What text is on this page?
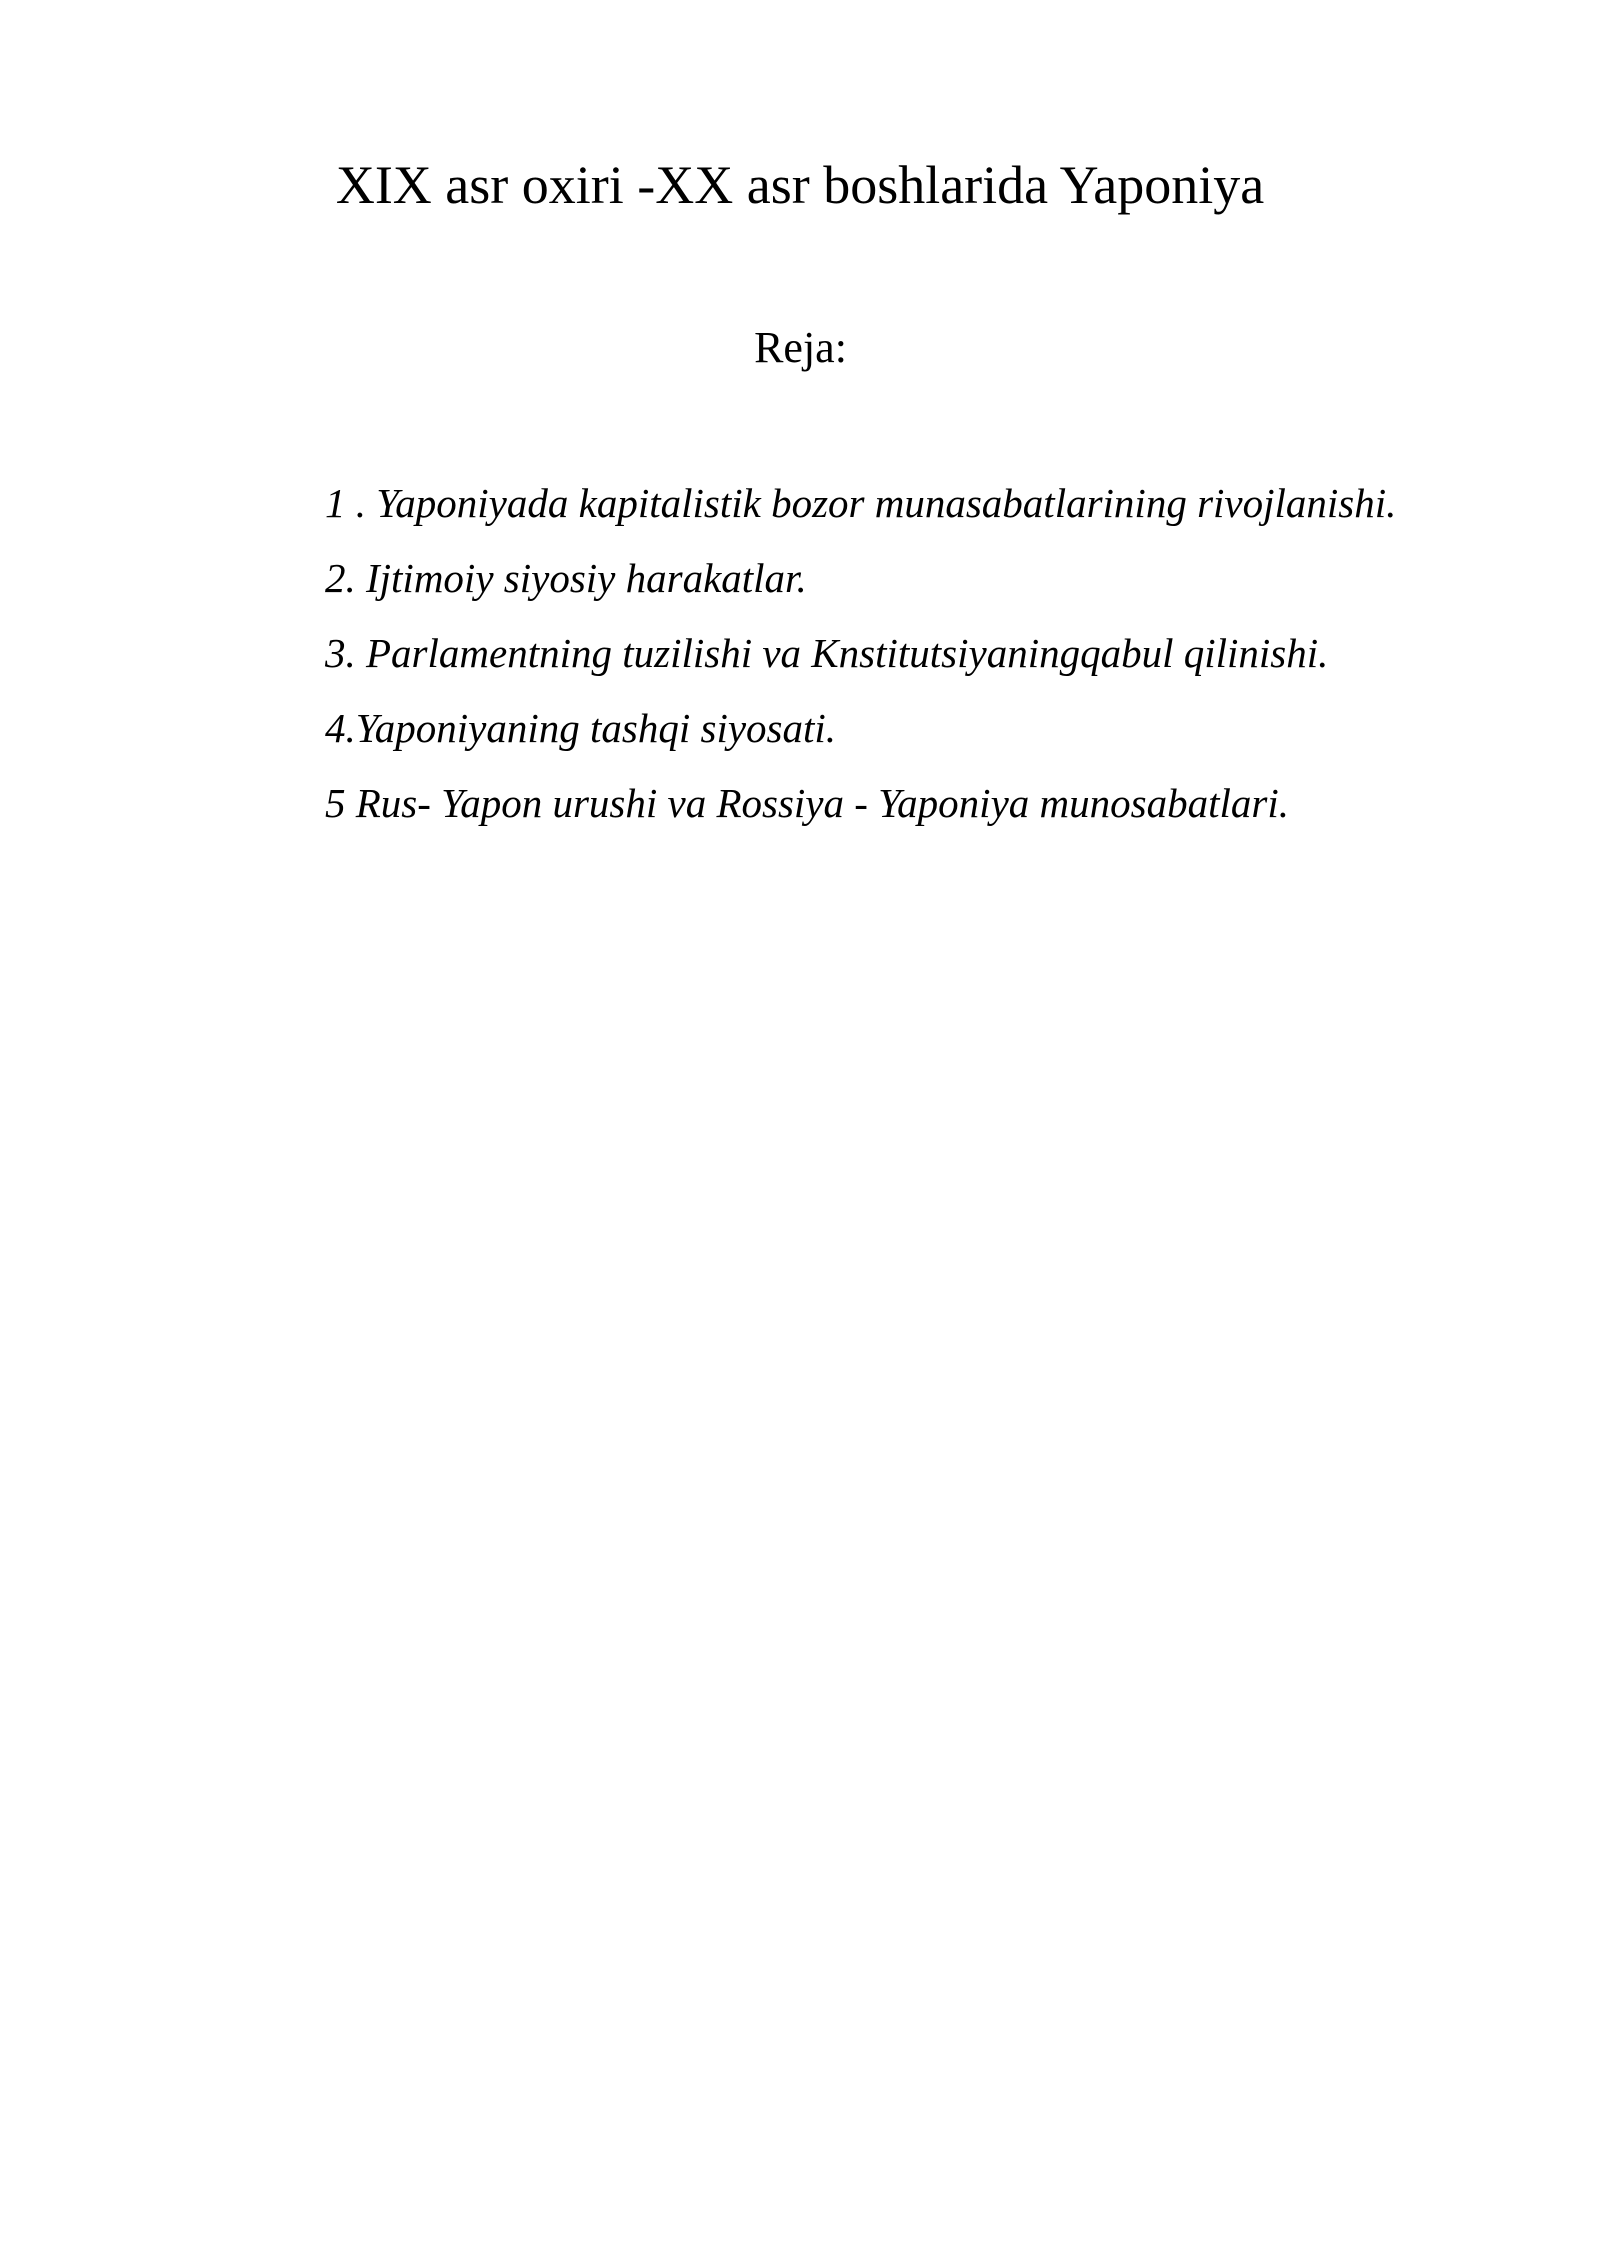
XIX asr oxiri -XX asr boshlarida Yaponiya
Reja:
1 . Yaponiyada kapitalistik bozor munasabatlarining rivojlanishi.
2. Ijtimoiy siyosiy harakatlar.
3. Parlamentning tuzilishi va Knstitutsiyaningqabul qilinishi.
4.Yaponiyaning tashqi siyosati.
5 Rus- Yapon urushi va Rossiya - Yaponiya munosabatlari.
